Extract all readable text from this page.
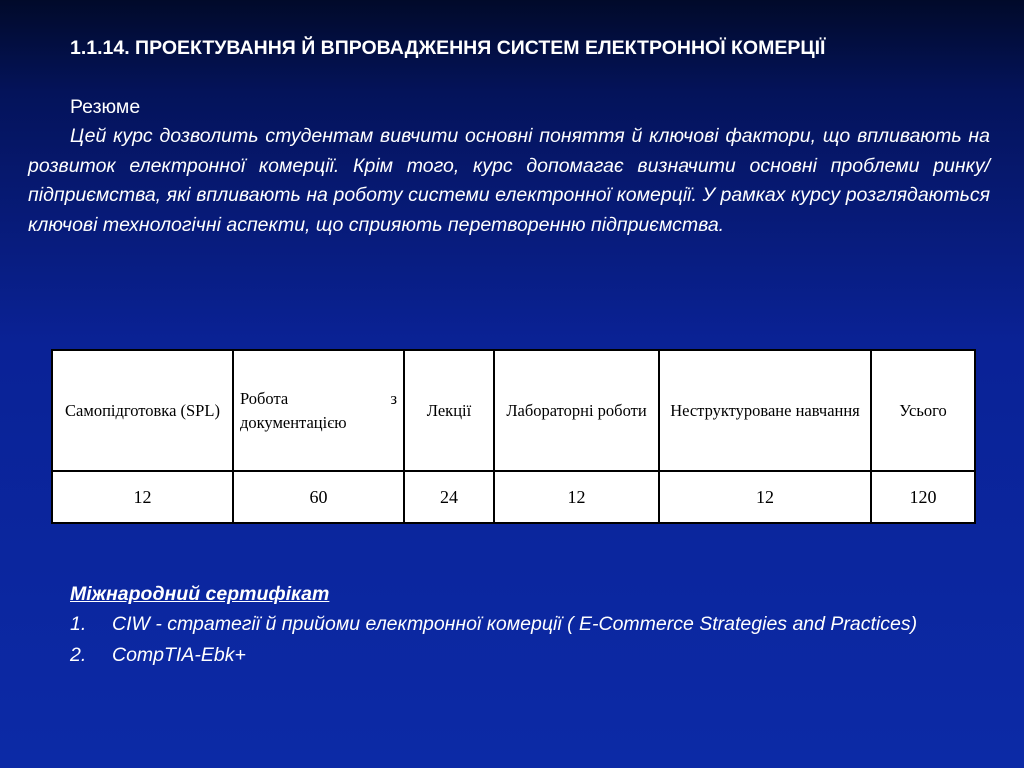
1.1.14. ПРОЕКТУВАННЯ Й ВПРОВАДЖЕННЯ СИСТЕМ ЕЛЕКТРОННОЇ КОМЕРЦІЇ
Резюме
Цей курс дозволить студентам вивчити основні поняття й ключові фактори, що впливають на розвиток електронної комерції. Крім того, курс допомагає визначити основні проблеми ринку/підприємства, які впливають на роботу системи електронної комерції. У рамках курсу розглядаються ключові технологічні аспекти, що сприяють перетворенню підприємства.
Самопідготовка (SPL)	Робота з документацією	Лекції	Лабораторні роботи	Неструктуроване навчання	Усього
12	60	24	12	12	120
Міжнародний сертифікат
1. CIW - стратегії й прийоми електронної комерції ( E-Commerce Strategies and Practices)
2. CompTIA-Ebk+
